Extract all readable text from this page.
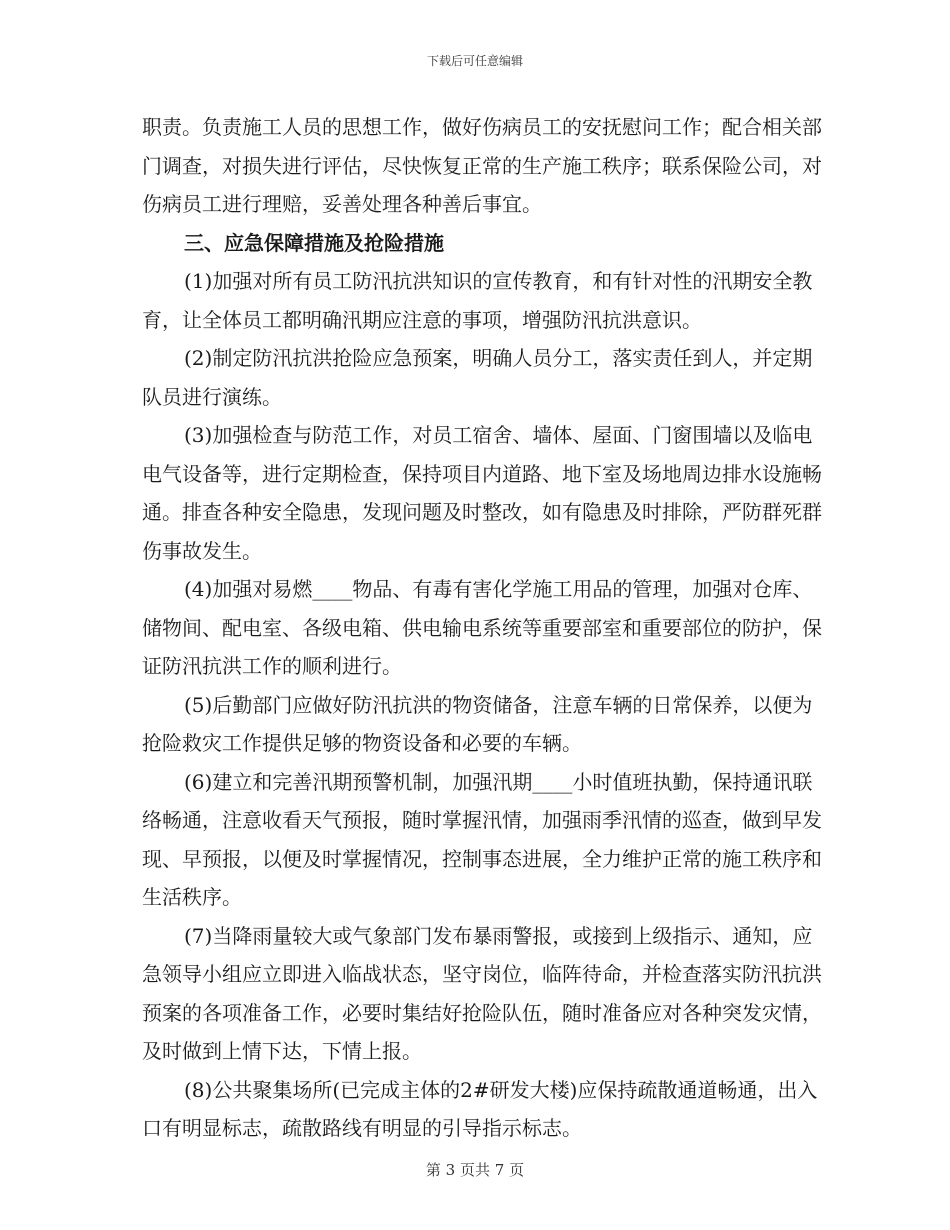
下载后可任意编辑

职责。负责施工人员的思想工作，做好伤病员工的安抚慰问工作；配合相关部门调查，对损失进行评估，尽快恢复正常的生产施工秩序；联系保险公司，对伤病员工进行理赔，妥善处理各种善后事宜。

三、应急保障措施及抢险措施

(1)加强对所有员工防汛抗洪知识的宣传教育，和有针对性的汛期安全教育，让全体员工都明确汛期应注意的事项，增强防汛抗洪意识。

(2)制定防汛抗洪抢险应急预案，明确人员分工，落实责任到人，并定期队员进行演练。

(3)加强检查与防范工作，对员工宿舍、墙体、屋面、门窗围墙以及临电电气设备等，进行定期检查，保持项目内道路、地下室及场地周边排水设施畅通。排查各种安全隐患，发现问题及时整改，如有隐患及时排除，严防群死群伤事故发生。

(4)加强对易燃____物品、有毒有害化学施工用品的管理，加强对仓库、储物间、配电室、各级电箱、供电输电系统等重要部室和重要部位的防护，保证防汛抗洪工作的顺利进行。

(5)后勤部门应做好防汛抗洪的物资储备，注意车辆的日常保养，以便为抢险救灾工作提供足够的物资设备和必要的车辆。

(6)建立和完善汛期预警机制，加强汛期____小时值班执勤，保持通讯联络畅通，注意收看天气预报，随时掌握汛情，加强雨季汛情的巡查，做到早发现、早预报，以便及时掌握情况，控制事态进展，全力维护正常的施工秩序和生活秩序。

(7)当降雨量较大或气象部门发布暴雨警报，或接到上级指示、通知，应急领导小组应立即进入临战状态，坚守岗位，临阵待命，并检查落实防汛抗洪预案的各项准备工作，必要时集结好抢险队伍，随时准备应对各种突发灾情，及时做到上情下达，下情上报。

(8)公共聚集场所(已完成主体的2#研发大楼)应保持疏散通道畅通，出入口有明显标志，疏散路线有明显的引导指示标志。

第 3 页共 7 页
